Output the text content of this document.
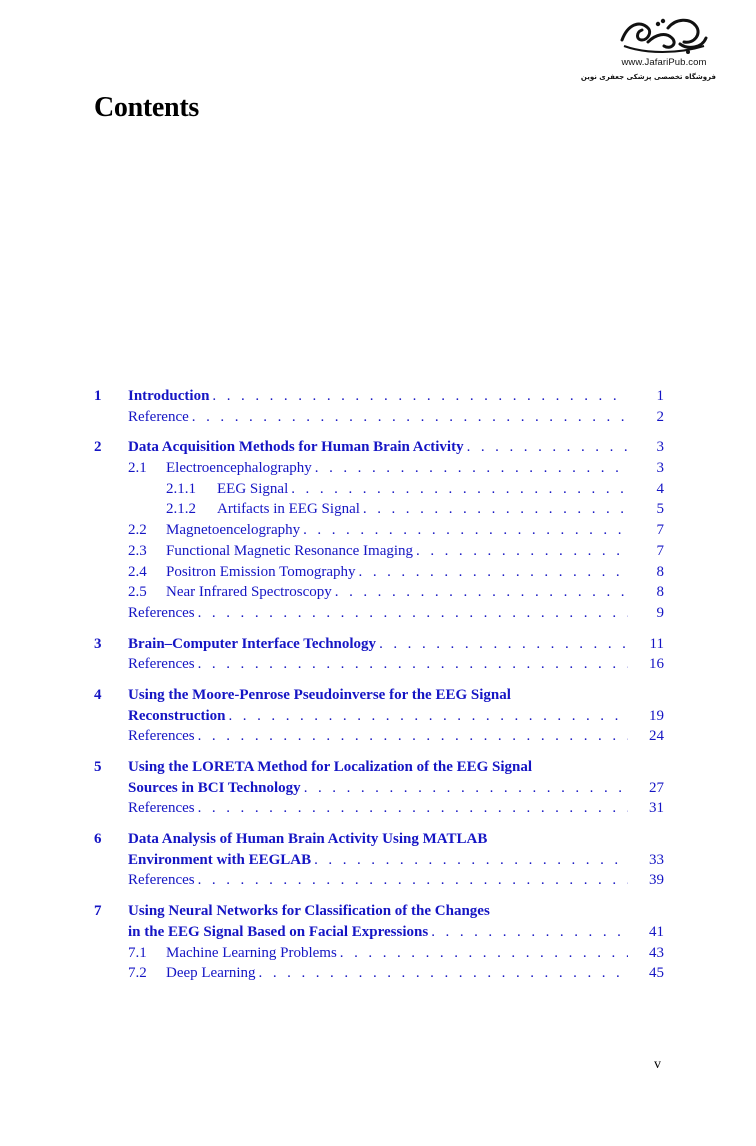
www.JafariPub.com
فروشگاه تخصصی پزشکی جعفری نوین
Contents
1	Introduction . . .	1
Reference . . .	2
2	Data Acquisition Methods for Human Brain Activity . . .	3
2.1	Electroencephalography . . .	3
2.1.1	EEG Signal . . .	4
2.1.2	Artifacts in EEG Signal . . .	5
2.2	Magnetoencelography . . .	7
2.3	Functional Magnetic Resonance Imaging . . .	7
2.4	Positron Emission Tomography . . .	8
2.5	Near Infrared Spectroscopy . . .	8
References . . .	9
3	Brain–Computer Interface Technology . . .	11
References . . .	16
4	Using the Moore-Penrose Pseudoinverse for the EEG Signal
Reconstruction . . .	19
References . . .	24
5	Using the LORETA Method for Localization of the EEG Signal
Sources in BCI Technology . . .	27
References . . .	31
6	Data Analysis of Human Brain Activity Using MATLAB
Environment with EEGLAB . . .	33
References . . .	39
7	Using Neural Networks for Classification of the Changes
in the EEG Signal Based on Facial Expressions . . .	41
7.1	Machine Learning Problems . . .	43
7.2	Deep Learning . . .	45
v
